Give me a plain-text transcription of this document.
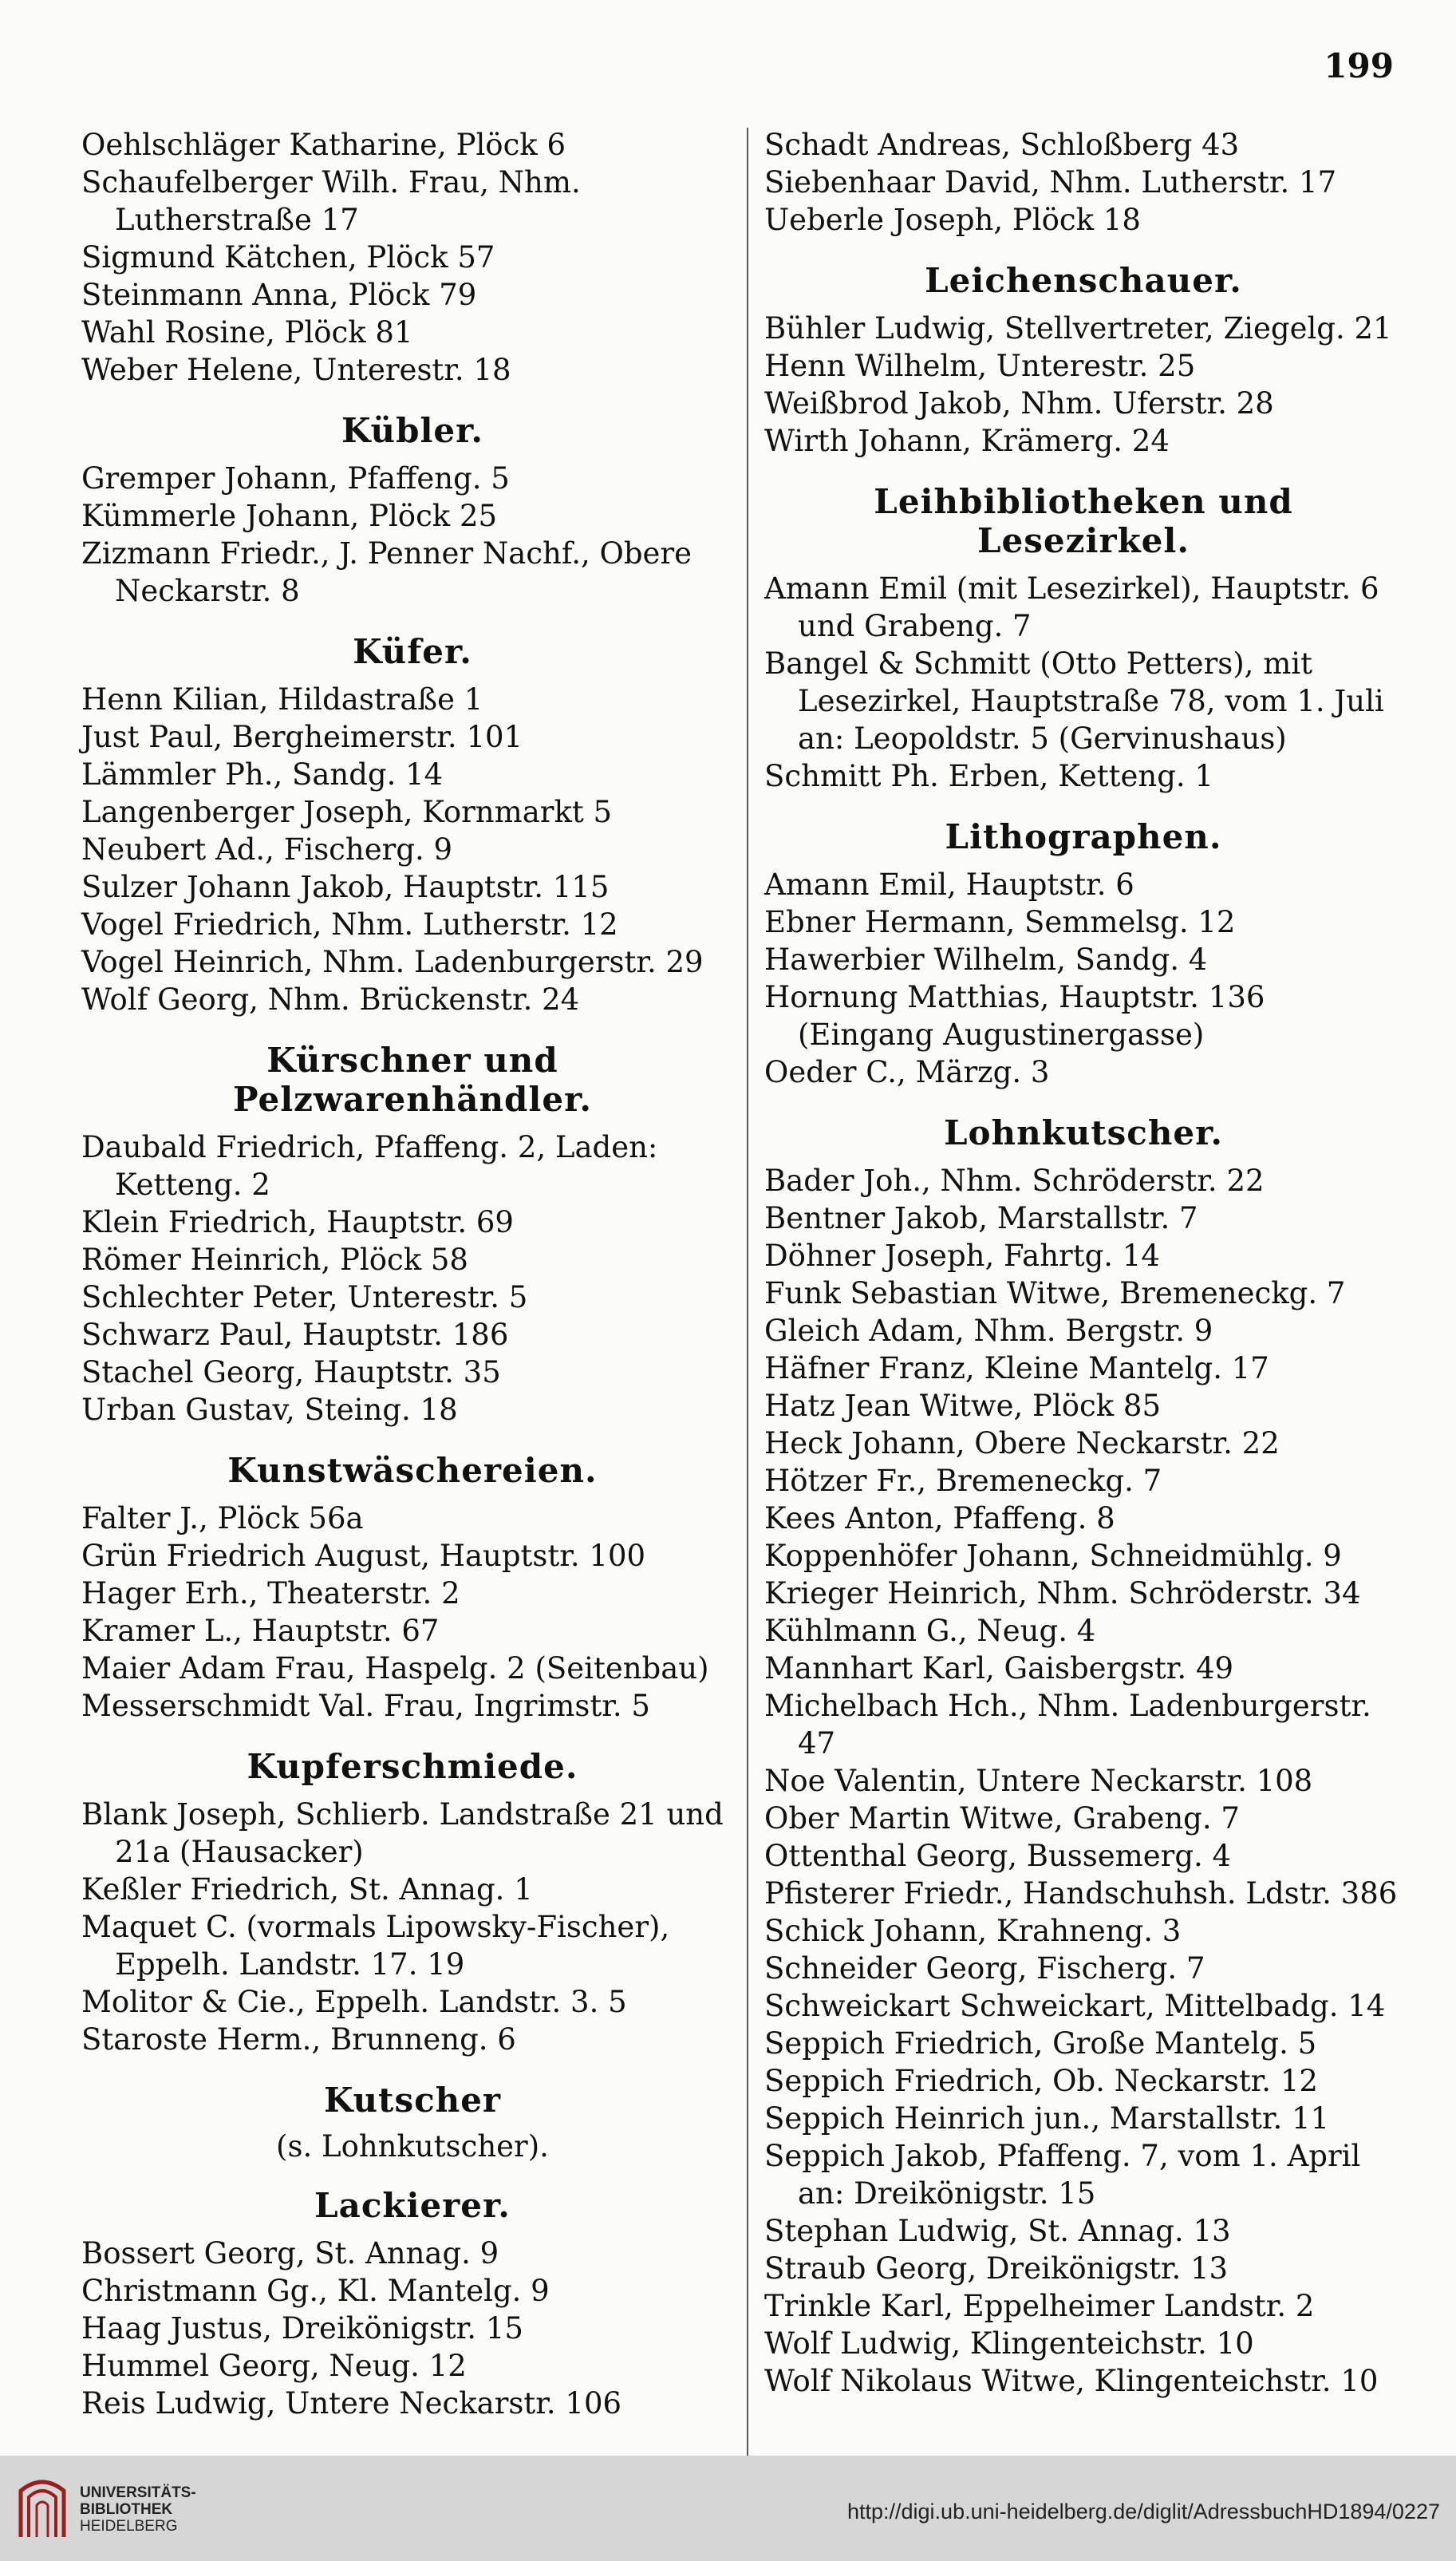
199
Oehlschläger Katharine, Plöck 6
Schaufelberger Wilh. Frau, Nhm. Lutherstraße 17
Sigmund Kätchen, Plöck 57
Steinmann Anna, Plöck 79
Wahl Rosine, Plöck 81
Weber Helene, Unterestr. 18
Kübler.
Gremper Johann, Pfaffeng. 5
Kümmerle Johann, Plöck 25
Zizmann Friedr., J. Penner Nachf., Obere Neckarstr. 8
Küfer.
Henn Kilian, Hildastraße 1
Just Paul, Bergheimerstr. 101
Lämmler Ph., Sandg. 14
Langenberger Joseph, Kornmarkt 5
Neubert Ad., Fischerg. 9
Sulzer Johann Jakob, Hauptstr. 115
Vogel Friedrich, Nhm. Lutherstr. 12
Vogel Heinrich, Nhm. Ladenburgerstr. 29
Wolf Georg, Nhm. Brückenstr. 24
Kürschner und Pelzwarenhändler.
Daubald Friedrich, Pfaffeng. 2, Laden: Ketteng. 2
Klein Friedrich, Hauptstr. 69
Römer Heinrich, Plöck 58
Schlechter Peter, Unterestr. 5
Schwarz Paul, Hauptstr. 186
Stachel Georg, Hauptstr. 35
Urban Gustav, Steing. 18
Kunstwäschereien.
Falter J., Plöck 56a
Grün Friedrich August, Hauptstr. 100
Hager Erh., Theaterstr. 2
Kramer L., Hauptstr. 67
Maier Adam Frau, Haspelg. 2 (Seitenbau)
Messerschmidt Val. Frau, Ingrimstr. 5
Kupferschmiede.
Blank Joseph, Schlierb. Landstraße 21 und 21a (Hausacker)
Keßler Friedrich, St. Annag. 1
Maquet C. (vormals Lipowsky-Fischer), Eppelh. Landstr. 17. 19
Molitor & Cie., Eppelh. Landstr. 3. 5
Staroste Herm., Brunneng. 6
Kutscher
(s. Lohnkutscher).
Lackierer.
Bossert Georg, St. Annag. 9
Christmann Gg., Kl. Mantelg. 9
Haag Justus, Dreikönigstr. 15
Hummel Georg, Neug. 12
Reis Ludwig, Untere Neckarstr. 106
Schadt Andreas, Schloßberg 43
Siebenhaar David, Nhm. Lutherstr. 17
Ueberle Joseph, Plöck 18
Leichenschauer.
Bühler Ludwig, Stellvertreter, Ziegelg. 21
Henn Wilhelm, Unterestr. 25
Weißbrod Jakob, Nhm. Uferstr. 28
Wirth Johann, Krämerg. 24
Leihbibliotheken und Lesezirkel.
Amann Emil (mit Lesezirkel), Hauptstr. 6 und Grabeng. 7
Bangel & Schmitt (Otto Petters), mit Lesezirkel, Hauptstraße 78, vom 1. Juli an: Leopoldstr. 5 (Gervinushaus)
Schmitt Ph. Erben, Ketteng. 1
Lithographen.
Amann Emil, Hauptstr. 6
Ebner Hermann, Semmelsg. 12
Hawerbier Wilhelm, Sandg. 4
Hornung Matthias, Hauptstr. 136 (Eingang Augustinergasse)
Oeder C., Märzg. 3
Lohnkutscher.
Bader Joh., Nhm. Schröderstr. 22
Bentner Jakob, Marstallstr. 7
Döhner Joseph, Fahrtg. 14
Funk Sebastian Witwe, Bremeneckg. 7
Gleich Adam, Nhm. Bergstr. 9
Häfner Franz, Kleine Mantelg. 17
Hatz Jean Witwe, Plöck 85
Heck Johann, Obere Neckarstr. 22
Hötzer Fr., Bremeneckg. 7
Kees Anton, Pfaffeng. 8
Koppenhöfer Johann, Schneidmühlg. 9
Krieger Heinrich, Nhm. Schröderstr. 34
Kühlmann G., Neug. 4
Mannhart Karl, Gaisbergstr. 49
Michelbach Hch., Nhm. Ladenburgerstr. 47
Noe Valentin, Untere Neckarstr. 108
Ober Martin Witwe, Grabeng. 7
Ottenthal Georg, Bussemerg. 4
Pfisterer Friedr., Handschuhsh. Ldstr. 386
Schick Johann, Krahneng. 3
Schneider Georg, Fischerg. 7
Schweickart Schweickart, Mittelbadg. 14
Seppich Friedrich, Große Mantelg. 5
Seppich Friedrich, Ob. Neckarstr. 12
Seppich Heinrich jun., Marstallstr. 11
Seppich Jakob, Pfaffeng. 7, vom 1. April an: Dreikönigstr. 15
Stephan Ludwig, St. Annag. 13
Straub Georg, Dreikönigstr. 13
Trinkle Karl, Eppelheimer Landstr. 2
Wolf Ludwig, Klingenteichstr. 10
Wolf Nikolaus Witwe, Klingenteichstr. 10
UNIVERSITÄTS-
BIBLIOTHEK
HEIDELBERG
http://digi.ub.uni-heidelberg.de/diglit/AdressbuchHD1894/0227
